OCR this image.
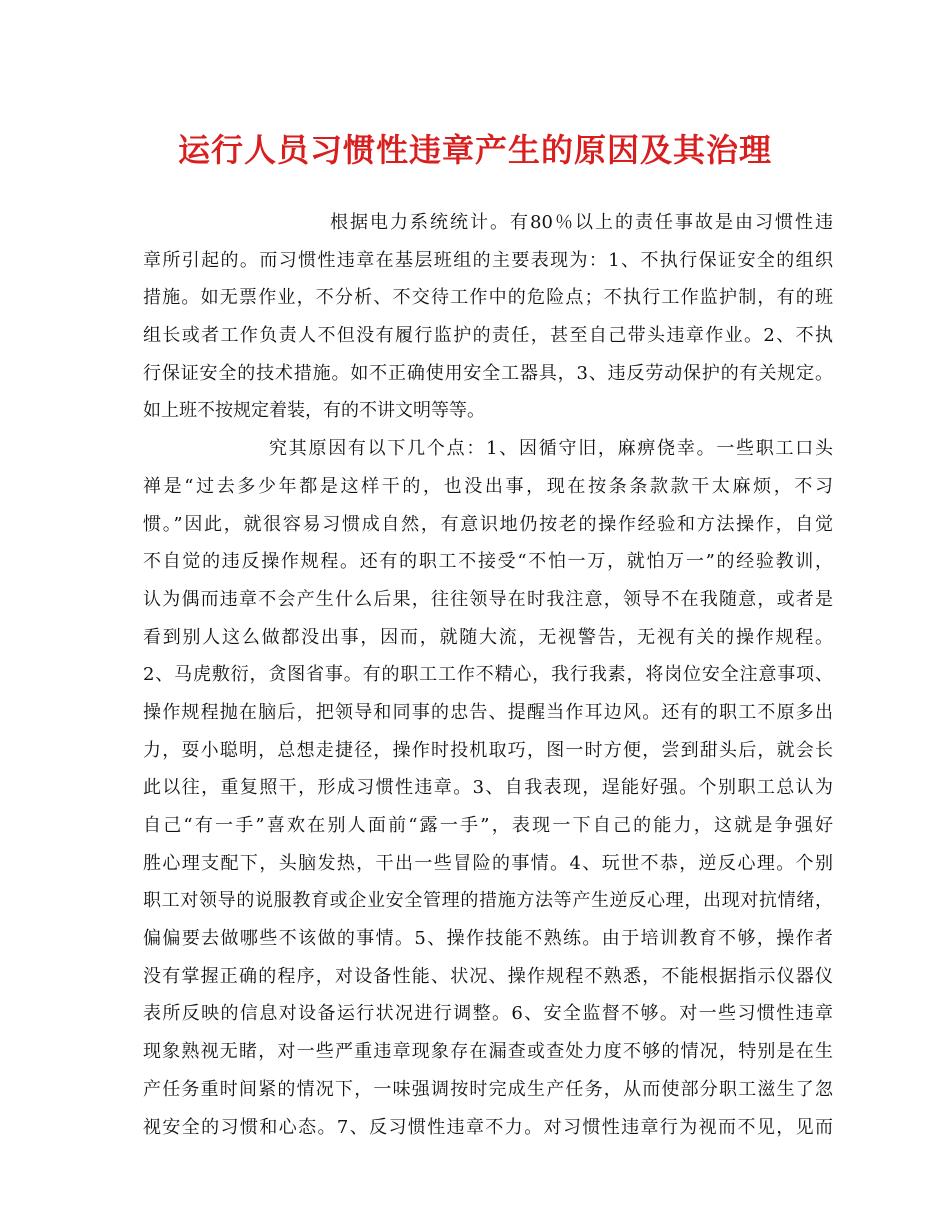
运行人员习惯性违章产生的原因及其治理
根据电力系统统计。有80％以上的责任事故是由习惯性违
章所引起的。而习惯性违章在基层班组的主要表现为：1、不执行保证安全的组织
措施。如无票作业，不分析、不交待工作中的危险点；不执行工作监护制，有的班
组长或者工作负责人不但没有履行监护的责任，甚至自己带头违章作业。2、不执
行保证安全的技术措施。如不正确使用安全工器具，3、违反劳动保护的有关规定。
如上班不按规定着装，有的不讲文明等等。
究其原因有以下几个点：1、因循守旧，麻痹侥幸。一些职工口头
禅是“过去多少年都是这样干的，也没出事，现在按条条款款干太麻烦，不习
惯。”因此，就很容易习惯成自然，有意识地仍按老的操作经验和方法操作，自觉
不自觉的违反操作规程。还有的职工不接受“不怕一万，就怕万一”的经验教训，
认为偶而违章不会产生什么后果，往往领导在时我注意，领导不在我随意，或者是
看到别人这么做都没出事，因而，就随大流，无视警告，无视有关的操作规程。
2、马虎敷衍，贪图省事。有的职工工作不精心，我行我素，将岗位安全注意事项、
操作规程抛在脑后，把领导和同事的忠告、提醒当作耳边风。还有的职工不原多出
力，耍小聪明，总想走捷径，操作时投机取巧，图一时方便，尝到甜头后，就会长
此以往，重复照干，形成习惯性违章。3、自我表现，逞能好强。个别职工总认为
自己“有一手”喜欢在别人面前“露一手”，表现一下自己的能力，这就是争强好
胜心理支配下，头脑发热，干出一些冒险的事情。4、玩世不恭，逆反心理。个别
职工对领导的说服教育或企业安全管理的措施方法等产生逆反心理，出现对抗情绪，
偏偏要去做哪些不该做的事情。5、操作技能不熟练。由于培训教育不够，操作者
没有掌握正确的程序，对设备性能、状况、操作规程不熟悉，不能根据指示仪器仪
表所反映的信息对设备运行状况进行调整。6、安全监督不够。对一些习惯性违章
现象熟视无睹，对一些严重违章现象存在漏查或查处力度不够的情况，特别是在生
产任务重时间紧的情况下，一味强调按时完成生产任务，从而使部分职工滋生了忽
视安全的习惯和心态。7、反习惯性违章不力。对习惯性违章行为视而不见，见而
